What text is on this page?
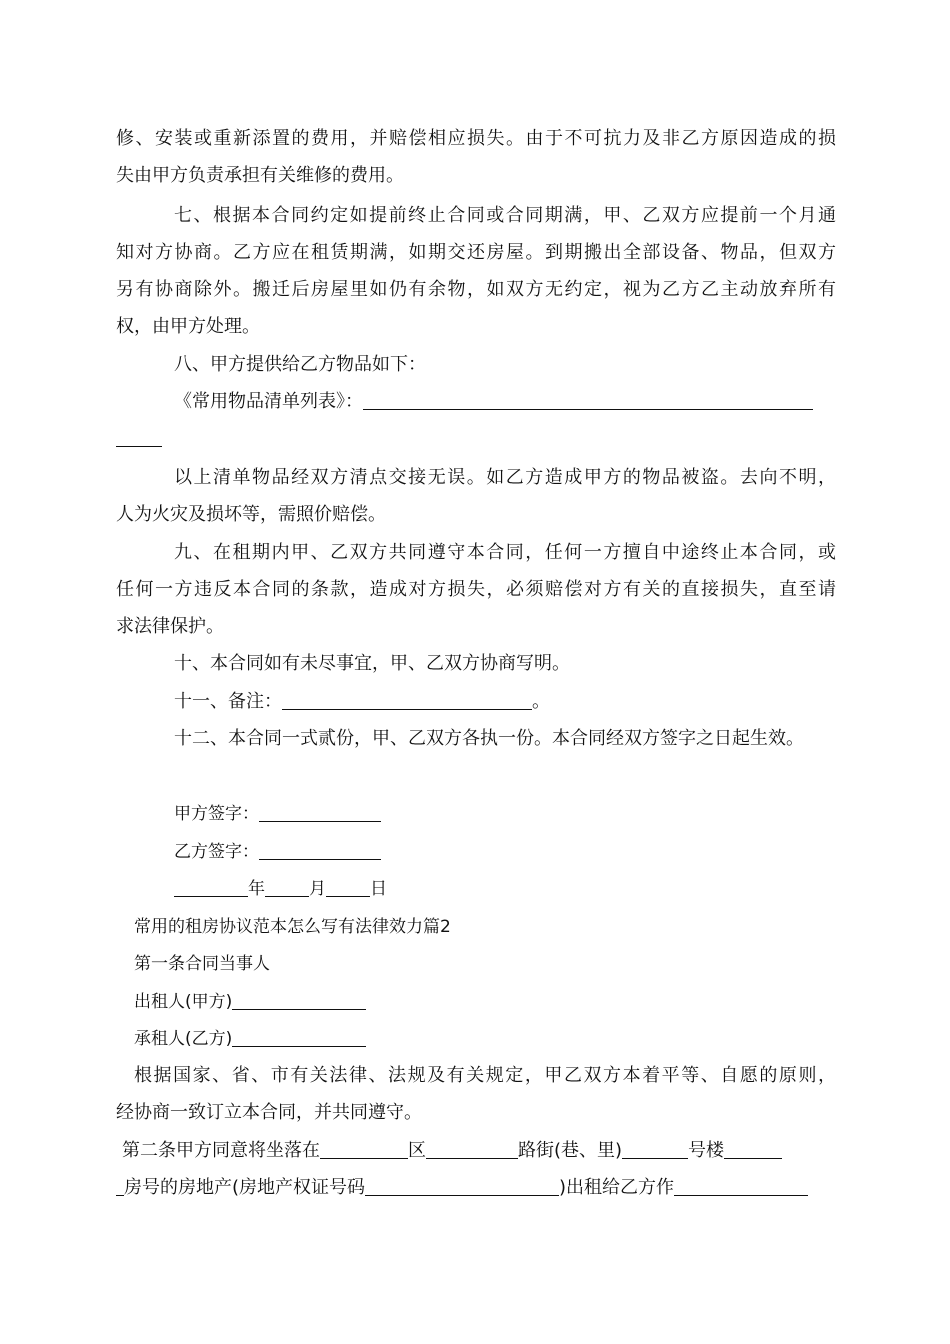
修、安装或重新添置的费用，并赔偿相应损失。由于不可抗力及非乙方原因造成的损
失由甲方负责承担有关维修的费用。
七、根据本合同约定如提前终止合同或合同期满，甲、乙双方应提前一个月通
知对方协商。乙方应在租赁期满，如期交还房屋。到期搬出全部设备、物品，但双方
另有协商除外。搬迁后房屋里如仍有余物，如双方无约定，视为乙方乙主动放弃所有
权，由甲方处理。
八、甲方提供给乙方物品如下：
《常用物品清单列表》：
以上清单物品经双方清点交接无误。如乙方造成甲方的物品被盗。去向不明，
人为火灾及损坏等，需照价赔偿。
九、在租期内甲、乙双方共同遵守本合同，任何一方擅自中途终止本合同，或
任何一方违反本合同的条款，造成对方损失，必须赔偿对方有关的直接损失，直至请
求法律保护。
十、本合同如有未尽事宜，甲、乙双方协商写明。
十一、备注：	。
十二、本合同一式贰份，甲、乙双方各执一份。本合同经双方签字之日起生效。
甲方签字：
乙方签字：
年	月	日
常用的租房协议范本怎么写有法律效力篇2
第一条合同当事人
出租人(甲方)
承租人(乙方)
根据国家、省、市有关法律、法规及有关规定，甲乙双方本着平等、自愿的原则，
经协商一致订立本合同，并共同遵守。
第二条甲方同意将坐落在	区	路街(巷、里)	号楼
房号的房地产(房地产权证号码	)出租给乙方作
